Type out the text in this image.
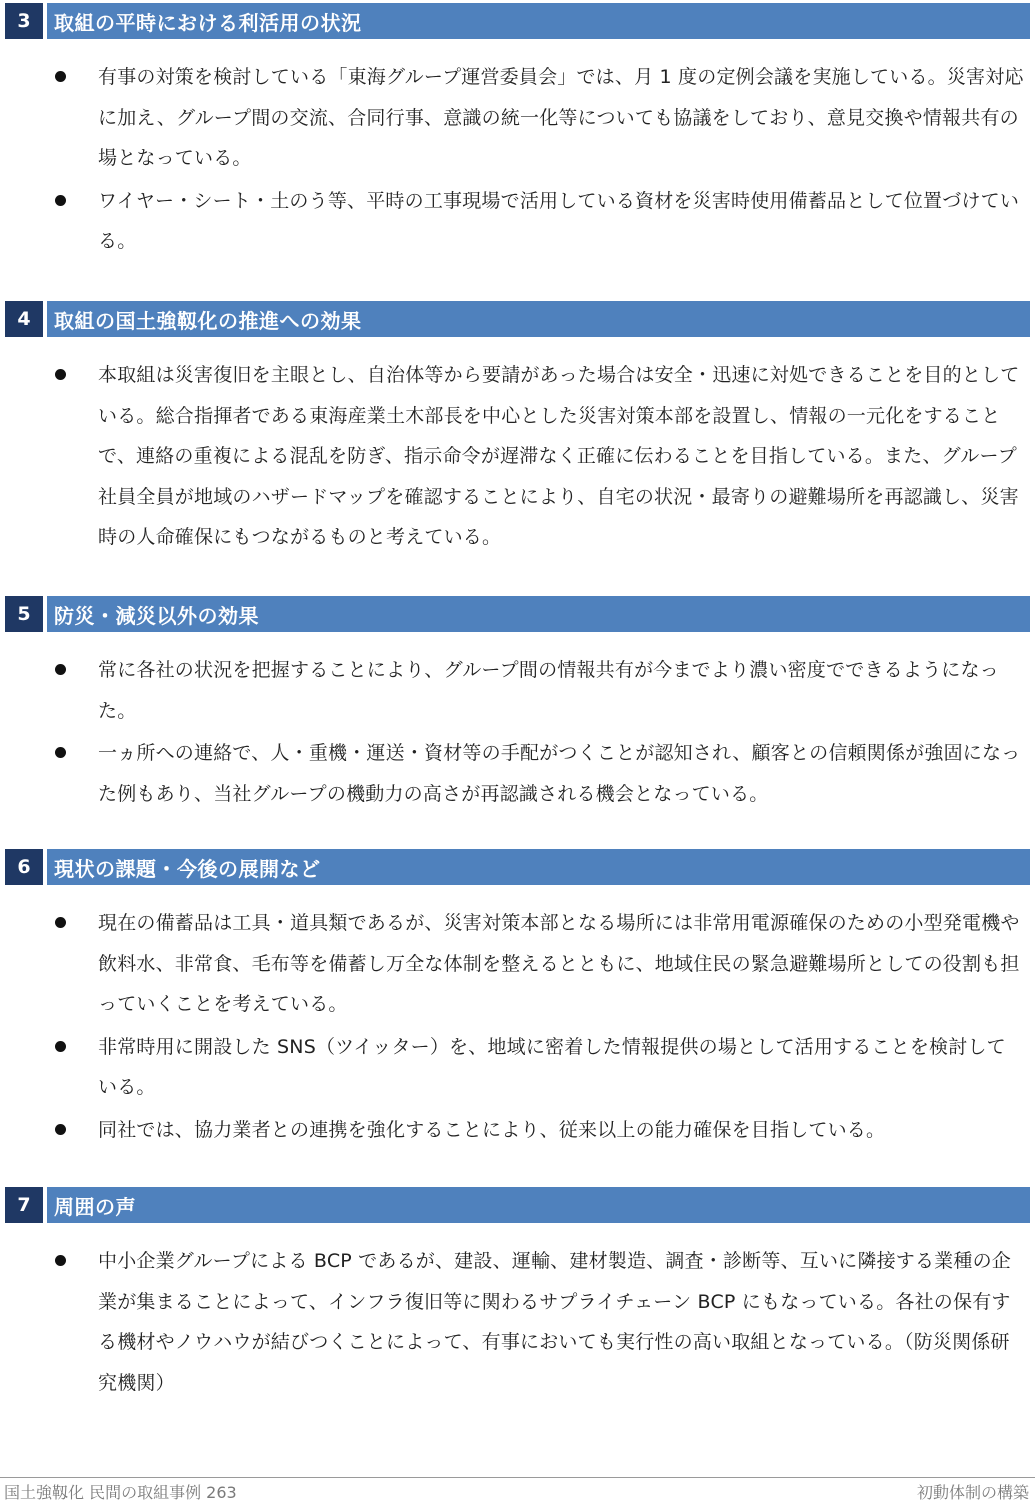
3	取組の平時における利活用の状況
有事の対策を検討している「東海グループ運営委員会」では、月 1 度の定例会議を実施している。災害対応に加え、グループ間の交流、合同行事、意識の統一化等についても協議をしており、意見交換や情報共有の場となっている。
ワイヤー・シート・土のう等、平時の工事現場で活用している資材を災害時使用備蓄品として位置づけている。
4	取組の国土強靱化の推進への効果
本取組は災害復旧を主眼とし、自治体等から要請があった場合は安全・迅速に対処できることを目的としている。総合指揮者である東海産業土木部長を中心とした災害対策本部を設置し、情報の一元化をすることで、連絡の重複による混乱を防ぎ、指示命令が遅滞なく正確に伝わることを目指している。また、グループ社員全員が地域のハザードマップを確認することにより、自宅の状況・最寄りの避難場所を再認識し、災害時の人命確保にもつながるものと考えている。
5	防災・減災以外の効果
常に各社の状況を把握することにより、グループ間の情報共有が今までより濃い密度でできるようになった。
一ヵ所への連絡で、人・重機・運送・資材等の手配がつくことが認知され、顧客との信頼関係が強固になった例もあり、当社グループの機動力の高さが再認識される機会となっている。
6	現状の課題・今後の展開など
現在の備蓄品は工具・道具類であるが、災害対策本部となる場所には非常用電源確保のための小型発電機や飲料水、非常食、毛布等を備蓄し万全な体制を整えるとともに、地域住民の緊急避難場所としての役割も担っていくことを考えている。
非常時用に開設した SNS（ツイッター）を、地域に密着した情報提供の場として活用することを検討している。
同社では、協力業者との連携を強化することにより、従来以上の能力確保を目指している。
7	周囲の声
中小企業グループによる BCP であるが、建設、運輸、建材製造、調査・診断等、互いに隣接する業種の企業が集まることによって、インフラ復旧等に関わるサプライチェーン BCP にもなっている。各社の保有する機材やノウハウが結びつくことによって、有事においても実行性の高い取組となっている。（防災関係研究機関）
国土強靱化 民間の取組事例 263	初動体制の構築
